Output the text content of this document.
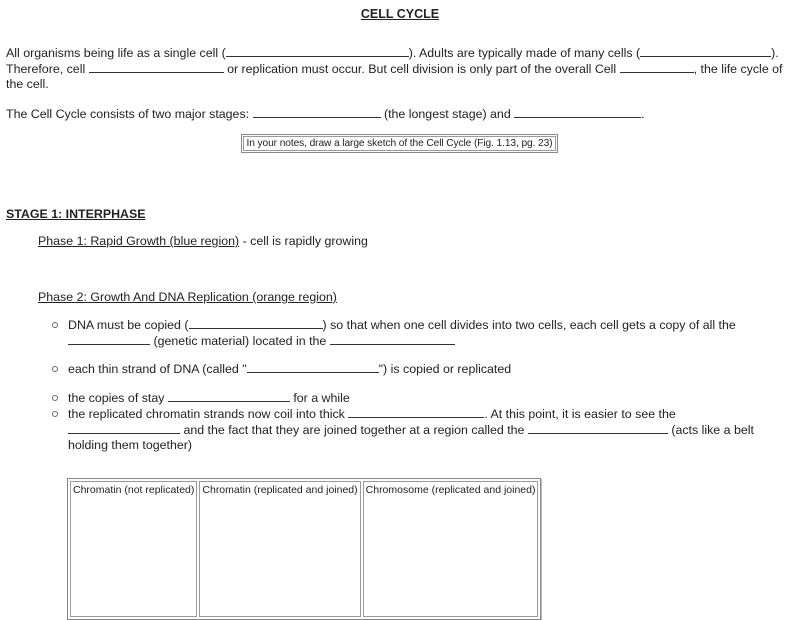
CELL CYCLE

All organisms being life as a single cell (	). Adults are typically made of many cells (	).
Therefore, cell	or replication must occur. But cell division is only part of the overall Cell	, the life cycle of the cell.

The Cell Cycle consists of two major stages:	(the longest stage) and	.

In your notes, draw a large sketch of the Cell Cycle (Fig. 1.13, pg. 23)
STAGE 1: INTERPHASE
Phase 1: Rapid Growth (blue region) - cell is rapidly growing
Phase 2: Growth And DNA Replication (orange region)
DNA must be copied (	) so that when one cell divides into two cells, each cell gets a copy of all the
(genetic material) located in the
each thin strand of DNA (called "	") is copied or replicated
the copies of stay	for a while
the replicated chromatin strands now coil into thick	. At this point, it is easier to see the
and the fact that they are joined together at a region called the	(acts like a belt holding them together)
Chromatin (not replicated)	Chromatin (replicated and joined)	Chromosome (replicated and joined)
